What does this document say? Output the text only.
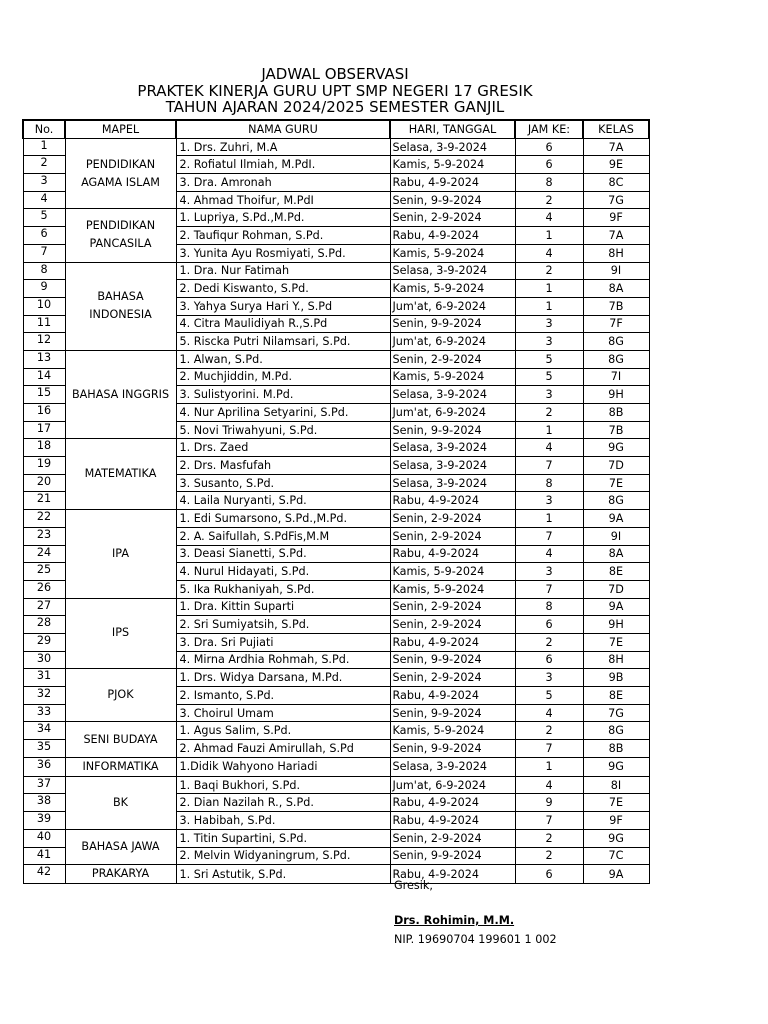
JADWAL OBSERVASI
PRAKTEK KINERJA GURU UPT SMP NEGERI 17 GRESIK
TAHUN AJARAN 2024/2025 SEMESTER GANJIL
No.	MAPEL	NAMA GURU	HARI, TANGGAL	JAM KE:	KELAS
1	PENDIDIKAN AGAMA ISLAM	1. Drs. Zuhri, M.A	Selasa, 3-9-2024	6	7A
2		2. Rofiatul Ilmiah, M.PdI.	Kamis, 5-9-2024	6	9E
3		3. Dra. Amronah	Rabu, 4-9-2024	8	8C
4		4. Ahmad Thoifur, M.PdI	Senin, 9-9-2024	2	7G
5	PENDIDIKAN PANCASILA	1. Lupriya, S.Pd.,M.Pd.	Senin, 2-9-2024	4	9F
6		2. Taufiqur Rohman, S.Pd.	Rabu, 4-9-2024	1	7A
7		3. Yunita Ayu Rosmiyati, S.Pd.	Kamis, 5-9-2024	4	8H
8	BAHASA INDONESIA	1. Dra. Nur Fatimah	Selasa, 3-9-2024	2	9I
9		2. Dedi Kiswanto, S.Pd.	Kamis, 5-9-2024	1	8A
10		3. Yahya Surya Hari Y., S.Pd	Jum'at, 6-9-2024	1	7B
11		4. Citra Maulidiyah R.,S.Pd	Senin, 9-9-2024	3	7F
12		5. Riscka Putri Nilamsari, S.Pd.	Jum'at, 6-9-2024	3	8G
13	BAHASA INGGRIS	1. Alwan, S.Pd.	Senin, 2-9-2024	5	8G
14		2. Muchjiddin, M.Pd.	Kamis, 5-9-2024	5	7I
15		3. Sulistyorini. M.Pd.	Selasa, 3-9-2024	3	9H
16		4. Nur Aprilina Setyarini, S.Pd.	Jum'at, 6-9-2024	2	8B
17		5. Novi Triwahyuni, S.Pd.	Senin, 9-9-2024	1	7B
18	MATEMATIKA	1. Drs. Zaed	Selasa, 3-9-2024	4	9G
19		2. Drs. Masfufah	Selasa, 3-9-2024	7	7D
20		3. Susanto, S.Pd.	Selasa, 3-9-2024	8	7E
21		4. Laila Nuryanti, S.Pd.	Rabu, 4-9-2024	3	8G
22	IPA	1. Edi Sumarsono, S.Pd.,M.Pd.	Senin, 2-9-2024	1	9A
23		2. A. Saifullah, S.PdFis,M.M	Senin, 2-9-2024	7	9I
24		3. Deasi Sianetti, S.Pd.	Rabu, 4-9-2024	4	8A
25		4. Nurul Hidayati, S.Pd.	Kamis, 5-9-2024	3	8E
26		5. Ika Rukhaniyah, S.Pd.	Kamis, 5-9-2024	7	7D
27	IPS	1. Dra. Kittin Suparti	Senin, 2-9-2024	8	9A
28		2. Sri Sumiyatsih, S.Pd.	Senin, 2-9-2024	6	9H
29		3. Dra. Sri Pujiati	Rabu, 4-9-2024	2	7E
30		4. Mirna Ardhia Rohmah, S.Pd.	Senin, 9-9-2024	6	8H
31	PJOK	1. Drs. Widya Darsana, M.Pd.	Senin, 2-9-2024	3	9B
32		2. Ismanto, S.Pd.	Rabu, 4-9-2024	5	8E
33		3. Choirul Umam	Senin, 9-9-2024	4	7G
34	SENI BUDAYA	1. Agus Salim, S.Pd.	Kamis, 5-9-2024	2	8G
35		2. Ahmad Fauzi Amirullah, S.Pd	Senin, 9-9-2024	7	8B
36	INFORMATIKA	1.Didik Wahyono Hariadi	Selasa, 3-9-2024	1	9G
37	BK	1. Baqi Bukhori, S.Pd.	Jum'at, 6-9-2024	4	8I
38		2. Dian Nazilah R., S.Pd.	Rabu, 4-9-2024	9	7E
39		3. Habibah, S.Pd.	Rabu, 4-9-2024	7	9F
40	BAHASA JAWA	1. Titin Supartini, S.Pd.	Senin, 2-9-2024	2	9G
41		2. Melvin Widyaningrum, S.Pd.	Senin, 9-9-2024	2	7C
42	PRAKARYA	1. Sri Astutik, S.Pd.	Rabu, 4-9-2024	6	9A
Gresik,
Drs. Rohimin, M.M.
NIP. 19690704 199601 1 002
